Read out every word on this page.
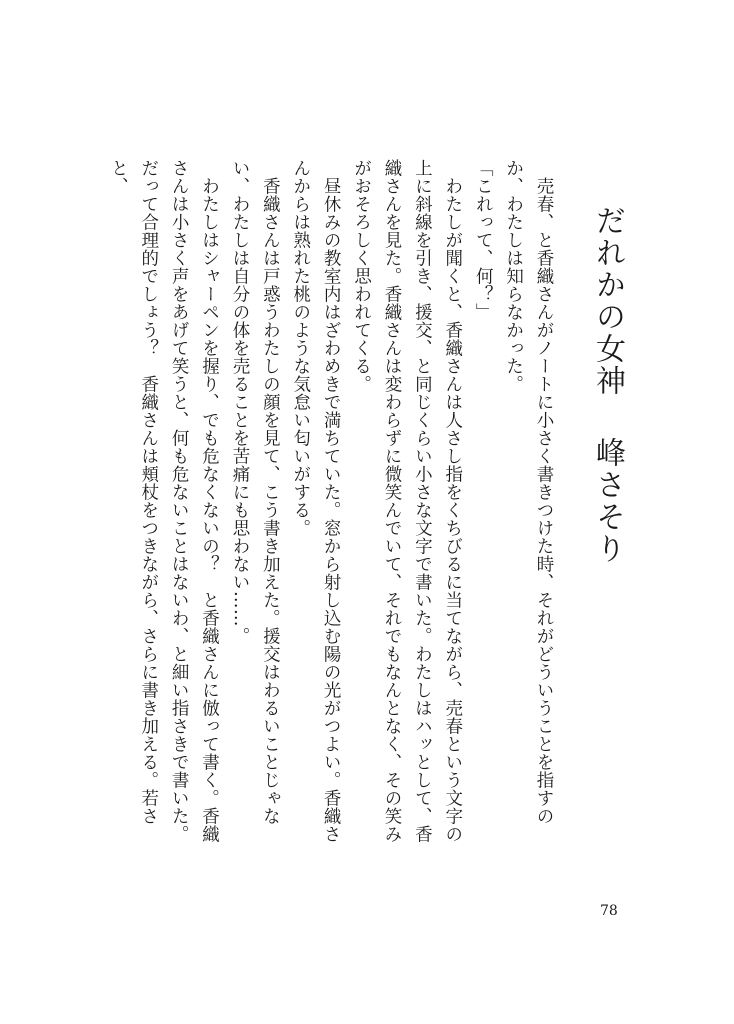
だれかの女神
峰さそり

売春、と香織さんがノートに小さく書きつけた時、それがどういうことを指すのか、わたしは知らなかった。

「これって、何？」

わたしが聞くと、香織さんは人さし指をくちびるに当てながら、売春という文字の上に斜線を引き、援交、と同じくらい小さな文字で書いた。わたしはハッとして、香織さんを見た。香織さんは変わらずに微笑んでいて、それでもなんとなく、その笑みがおそろしく思われてくる。

昼休みの教室内はざわめきで満ちていた。窓から射し込む陽の光がつよい。香織さんからは熟れた桃のような気怠い匂いがする。

香織さんは戸惑うわたしの顔を見て、こう書き加えた。援交はわるいことじゃない、わたしは自分の体を売ることを苦痛にも思わない……。

わたしはシャーペンを握り、でも危なくないの？　と香織さんに倣って書く。香織さんは小さく声をあげて笑うと、何も危ないことはないわ、と細い指さきで書いた。だって合理的でしょう？　香織さんは頬杖をつきながら、さらに書き加える。若さと、

78
